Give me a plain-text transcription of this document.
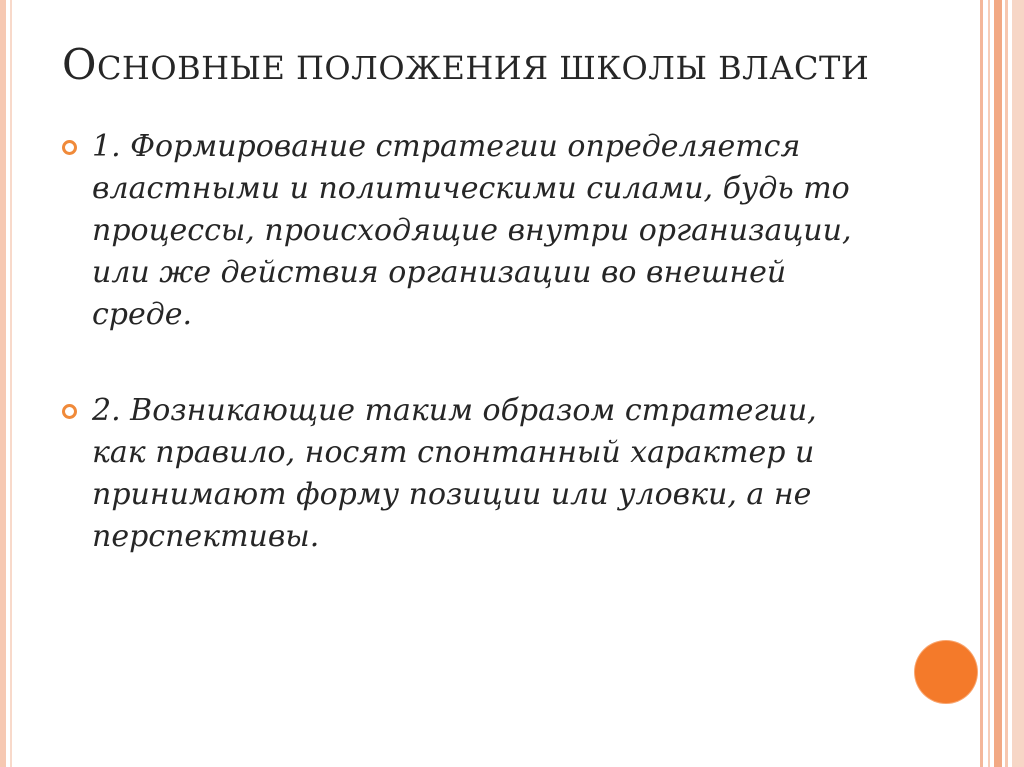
ОСНОВНЫЕ ПОЛОЖЕНИЯ ШКОЛЫ ВЛАСТИ
1. Формирование стратегии определяется властными и политическими силами, будь то процессы, происходящие внутри организации, или же действия организации во внешней среде.
2. Возникающие таким образом стратегии, как правило, носят спонтанный характер и принимают форму позиции или уловки, а не перспективы.
